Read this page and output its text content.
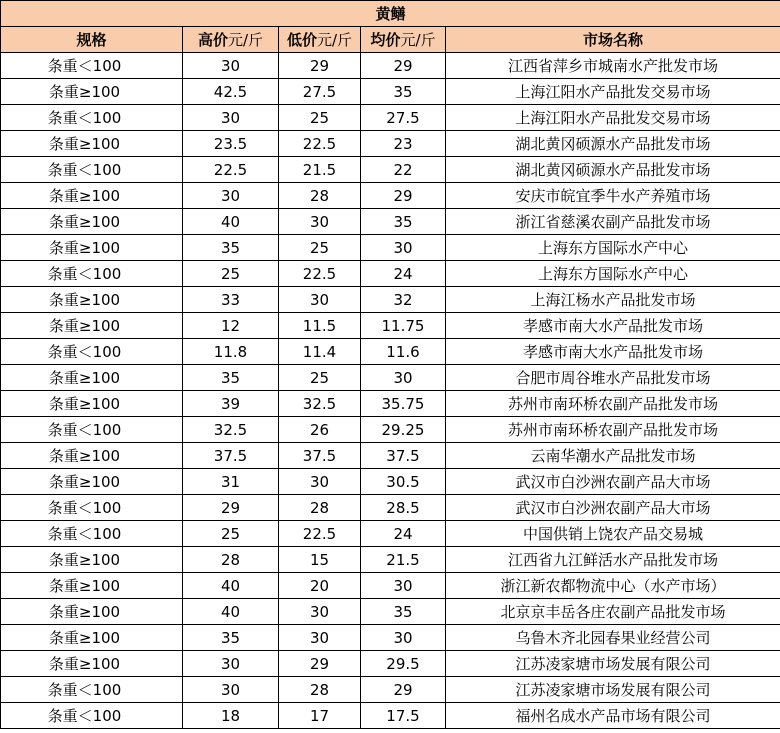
黄鳝				
规格	高价元/斤	低价元/斤	均价元/斤	市场名称
条重＜100	30	29	29	江西省萍乡市城南水产批发市场
条重≥100	42.5	27.5	35	上海江阳水产品批发交易市场
条重＜100	30	25	27.5	上海江阳水产品批发交易市场
条重≥100	23.5	22.5	23	湖北黄冈硕源水产品批发市场
条重＜100	22.5	21.5	22	湖北黄冈硕源水产品批发市场
条重≥100	30	28	29	安庆市皖宜季牛水产养殖市场
条重≥100	40	30	35	浙江省慈溪农副产品批发市场
条重≥100	35	25	30	上海东方国际水产中心
条重＜100	25	22.5	24	上海东方国际水产中心
条重≥100	33	30	32	上海江杨水产品批发市场
条重≥100	12	11.5	11.75	孝感市南大水产品批发市场
条重＜100	11.8	11.4	11.6	孝感市南大水产品批发市场
条重≥100	35	25	30	合肥市周谷堆水产品批发市场
条重≥100	39	32.5	35.75	苏州市南环桥农副产品批发市场
条重＜100	32.5	26	29.25	苏州市南环桥农副产品批发市场
条重≥100	37.5	37.5	37.5	云南华潮水产品批发市场
条重≥100	31	30	30.5	武汉市白沙洲农副产品大市场
条重＜100	29	28	28.5	武汉市白沙洲农副产品大市场
条重＜100	25	22.5	24	中国供销上饶农产品交易城
条重≥100	28	15	21.5	江西省九江鲜活水产品批发市场
条重≥100	40	20	30	浙江新农都物流中心（水产市场）
条重≥100	40	30	35	北京京丰岳各庄农副产品批发市场
条重≥100	35	30	30	乌鲁木齐北园春果业经营公司
条重≥100	30	29	29.5	江苏凌家塘市场发展有限公司
条重＜100	30	28	29	江苏凌家塘市场发展有限公司
条重＜100	18	17	17.5	福州名成水产品市场有限公司
